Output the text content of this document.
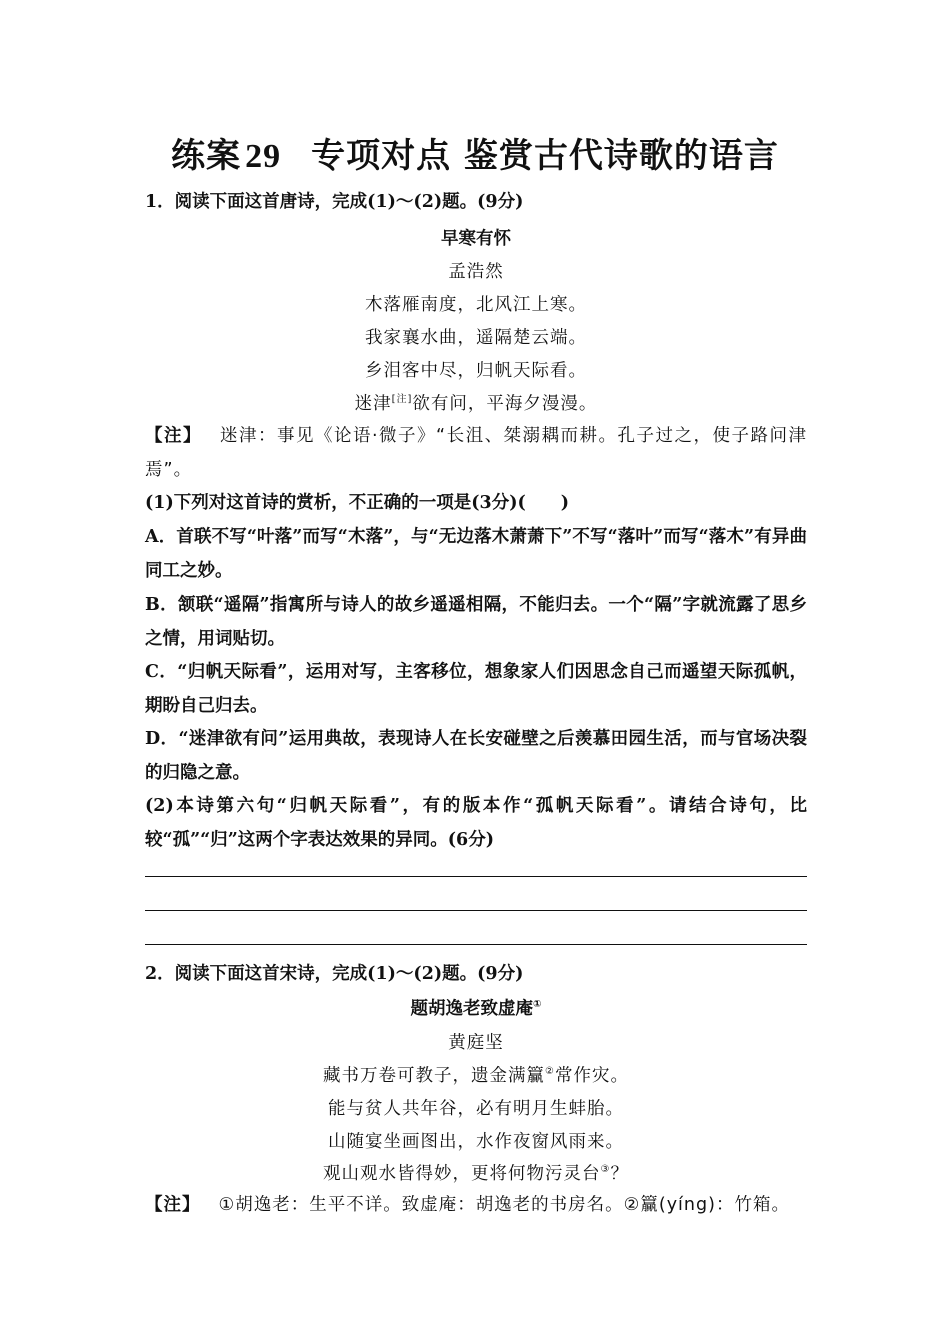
练案 29 专项对点 鉴赏古代诗歌的语言
1．阅读下面这首唐诗，完成(1)～(2)题。(9分)
早寒有怀
孟浩然
木落雁南度，北风江上寒。
我家襄水曲，遥隔楚云端。
乡泪客中尽，归帆天际看。
迷津[注]欲有问，平海夕漫漫。
【注】 迷津：事见《论语·微子》“长沮、桀溺耦而耕。孔子过之，使子路问津焉”。
(1)下列对这首诗的赏析，不正确的一项是(3分)(　　)
A．首联不写“叶落”而写“木落”，与“无边落木萧萧下”不写“落叶”而写“落木”有异曲同工之妙。
B．颔联“遥隔”指寓所与诗人的故乡遥遥相隔，不能归去。一个“隔”字就流露了思乡之情，用词贴切。
C．“归帆天际看”，运用对写，主客移位，想象家人们因思念自己而遥望天际孤帆，期盼自己归去。
D．“迷津欲有问”运用典故，表现诗人在长安碰壁之后羡慕田园生活，而与官场决裂的归隐之意。
(2)本诗第六句“归帆天际看”，有的版本作“孤帆天际看”。请结合诗句，比较“孤”“归”这两个字表达效果的异同。(6分)
2．阅读下面这首宋诗，完成(1)～(2)题。(9分)
题胡逸老致虚庵①
黄庭坚
藏书万卷可教子，遗金满籯②常作灾。
能与贫人共年谷，必有明月生蚌胎。
山随宴坐画图出，水作夜窗风雨来。
观山观水皆得妙，更将何物污灵台③？
【注】 ①胡逸老：生平不详。致虚庵：胡逸老的书房名。②籯(yíng)：竹箱。
